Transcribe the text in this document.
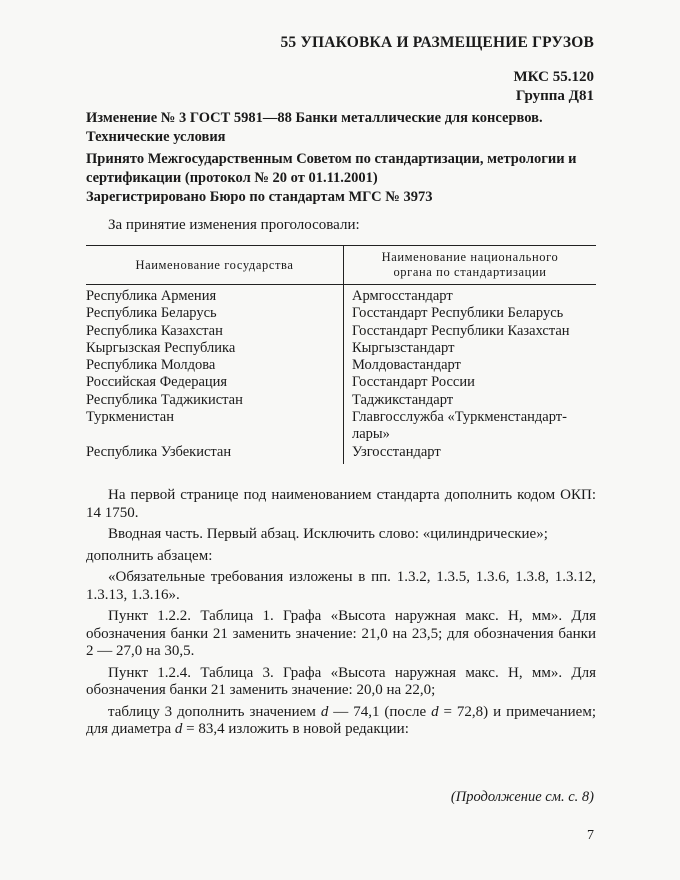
55 УПАКОВКА И РАЗМЕЩЕНИЕ ГРУЗОВ
МКС 55.120
Группа Д81
Изменение № 3 ГОСТ 5981—88 Банки металлические для консервов.
Технические условия
Принято Межгосударственным Советом по стандартизации, метрологии и
сертификации (протокол № 20 от 01.11.2001)
Зарегистрировано Бюро по стандартам МГС № 3973
За принятие изменения проголосовали:
Наименование государства	Наименование национального
органа по стандартизации

Республика Армения	Армгосстандарт
Республика Беларусь	Госстандарт Республики Беларусь
Республика Казахстан	Госстандарт Республики Казахстан
Кыргызская Республика	Кыргызстандарт
Республика Молдова	Молдовастандарт
Российская Федерация	Госстандарт России
Республика Таджикистан	Таджикстандарт
Туркменистан	Главгосслужба «Туркменстандарт-
лары»

Республика Узбекистан	Узгосстандарт

На первой странице под наименованием стандарта дополнить кодом ОКП: 14 1750.

Вводная часть. Первый абзац. Исключить слово: «цилиндрические»;

дополнить абзацем:

«Обязательные требования изложены в пп. 1.3.2, 1.3.5, 1.3.6, 1.3.8, 1.3.12, 1.3.13, 1.3.16».

Пункт 1.2.2. Таблица 1. Графа «Высота наружная макс. H, мм». Для обозначения банки 21 заменить значение: 21,0 на 23,5; для обозначения банки 2 — 27,0 на 30,5.

Пункт 1.2.4. Таблица 3. Графа «Высота наружная макс. H, мм». Для обозначения банки 21 заменить значение: 20,0 на 22,0;

таблицу 3 дополнить значением d — 74,1 (после d = 72,8) и примечанием; для диаметра d = 83,4 изложить в новой редакции:

(Продолжение см. с. 8)
7
